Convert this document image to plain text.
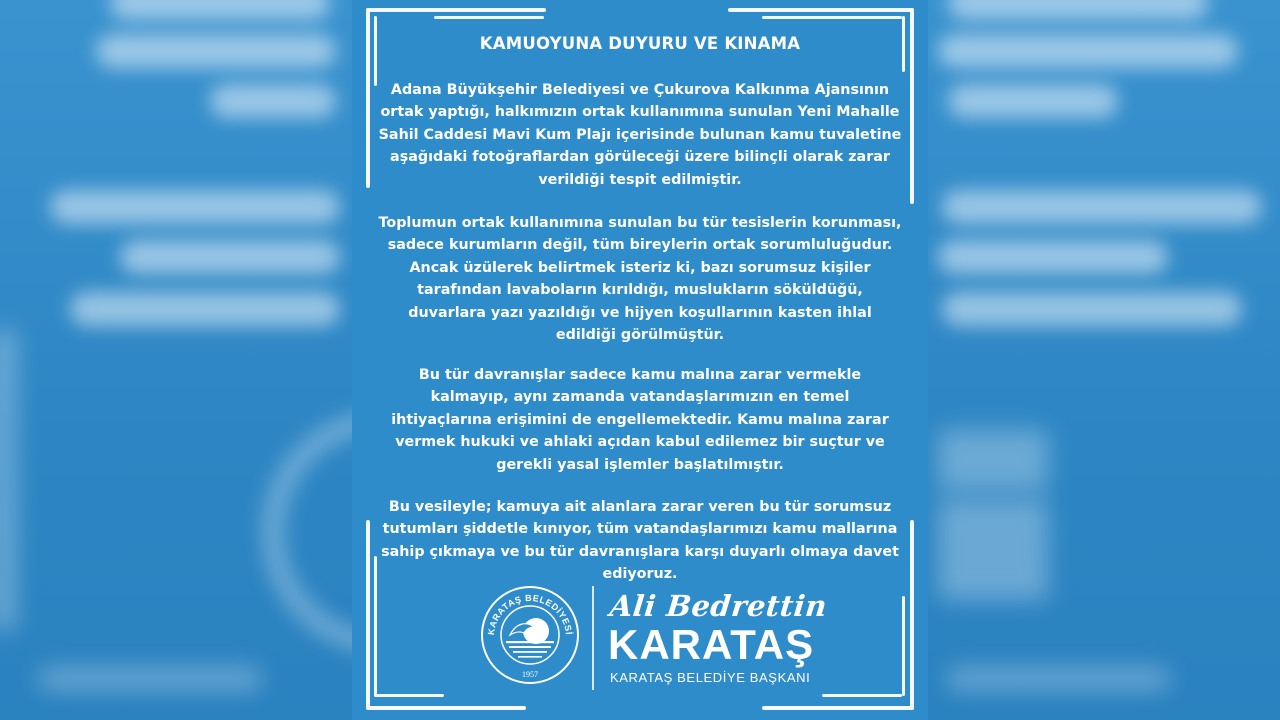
KAMUOYUNA DUYURU VE KINAMA

Adana Büyükşehir Belediyesi ve Çukurova Kalkınma Ajansının ortak yaptığı, halkımızın ortak kullanımına sunulan Yeni Mahalle Sahil Caddesi Mavi Kum Plajı içerisinde bulunan kamu tuvaletine aşağıdaki fotoğraflardan görüleceği üzere bilinçli olarak zarar verildiği tespit edilmiştir.

Toplumun ortak kullanımına sunulan bu tür tesislerin korunması, sadece kurumların değil, tüm bireylerin ortak sorumluluğudur. Ancak üzülerek belirtmek isteriz ki, bazı sorumsuz kişiler tarafından lavaboların kırıldığı, muslukların söküldüğü, duvarlara yazı yazıldığı ve hijyen koşullarının kasten ihlal edildiği görülmüştür.

Bu tür davranışlar sadece kamu malına zarar vermekle kalmayıp, aynı zamanda vatandaşlarımızın en temel ihtiyaçlarına erişimini de engellemektedir. Kamu malına zarar vermek hukuki ve ahlaki açıdan kabul edilemez bir suçtur ve gerekli yasal işlemler başlatılmıştır.

Bu vesileyle; kamuya ait alanlara zarar veren bu tür sorumsuz tutumları şiddetle kınıyor, tüm vatandaşlarımızı kamu mallarına sahip çıkmaya ve bu tür davranışlara karşı duyarlı olmaya davet ediyoruz.

KARATAŞ BELEDİYESİ
1957
Ali Bedrettin
KARATAŞ
KARATAŞ BELEDİYE BAŞKANI
